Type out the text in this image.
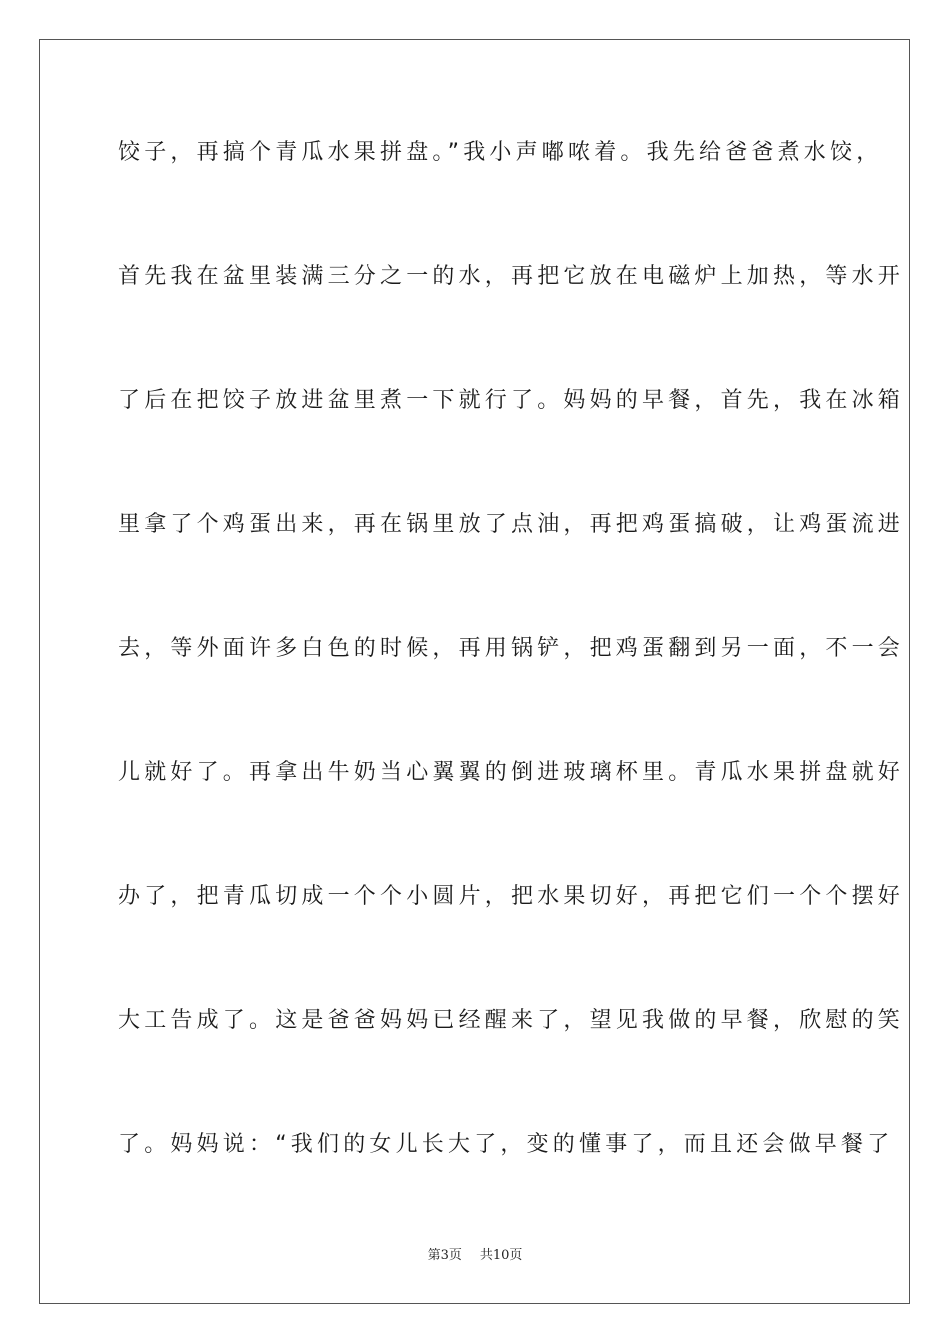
饺子，再搞个青瓜水果拼盘。”我小声嘟哝着。我先给爸爸煮水饺，
首先我在盆里装满三分之一的水，再把它放在电磁炉上加热，等水开
了后在把饺子放进盆里煮一下就行了。妈妈的早餐，首先，我在冰箱
里拿了个鸡蛋出来，再在锅里放了点油，再把鸡蛋搞破，让鸡蛋流进
去，等外面许多白色的时候，再用锅铲，把鸡蛋翻到另一面，不一会
儿就好了。再拿出牛奶当心翼翼的倒进玻璃杯里。青瓜水果拼盘就好
办了，把青瓜切成一个个小圆片，把水果切好，再把它们一个个摆好
大工告成了。这是爸爸妈妈已经醒来了，望见我做的早餐，欣慰的笑
了。妈妈说：“我们的女儿长大了，变的懂事了，而且还会做早餐了
第3页 共10页
